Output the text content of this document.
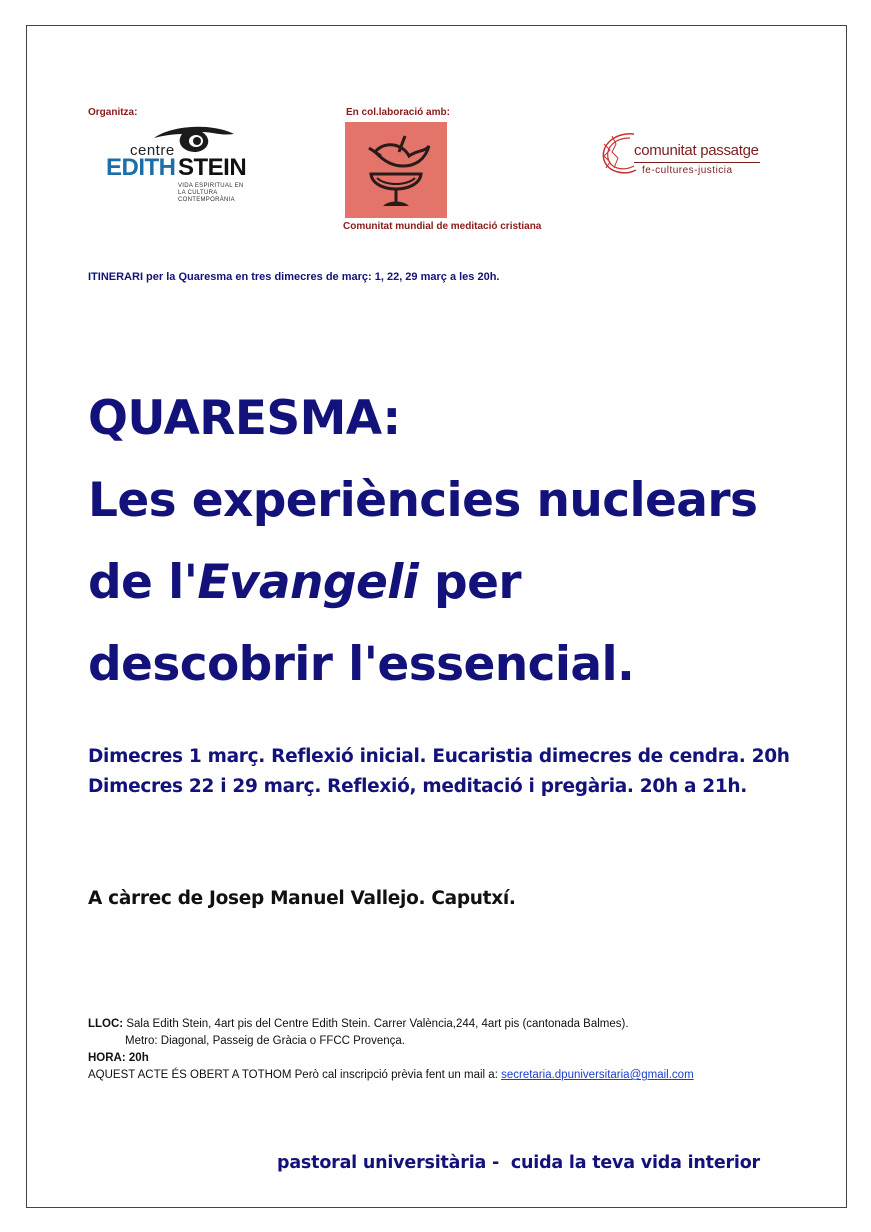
Organitza:	En col.laboració amb:
centre
EDITH STEIN
VIDA ESPIRITUAL EN LA CULTURA CONTEMPORÀNIA
Comunitat mundial de meditació cristiana
comunitat passatge
fe-cultures-justicia
ITINERARI per la Quaresma en tres dimecres de març: 1, 22, 29 març a les 20h.
QUARESMA:
Les experiències nuclears
de l'Evangeli per
descobrir l'essencial.
Dimecres 1 març. Reflexió inicial. Eucaristia dimecres de cendra. 20h
Dimecres 22 i 29 març. Reflexió, meditació i pregària. 20h a 21h.
A càrrec de Josep Manuel Vallejo. Caputxí.
LLOC: Sala Edith Stein, 4art pis del Centre Edith Stein. Carrer València,244, 4art pis (cantonada Balmes).
Metro: Diagonal, Passeig de Gràcia o FFCC Provença.
HORA: 20h
AQUEST ACTE ÉS OBERT A TOTHOM Però cal inscripció prèvia fent un mail a: secretaria.dpuniversitaria@gmail.com
pastoral universitària -  cuida la teva vida interior
